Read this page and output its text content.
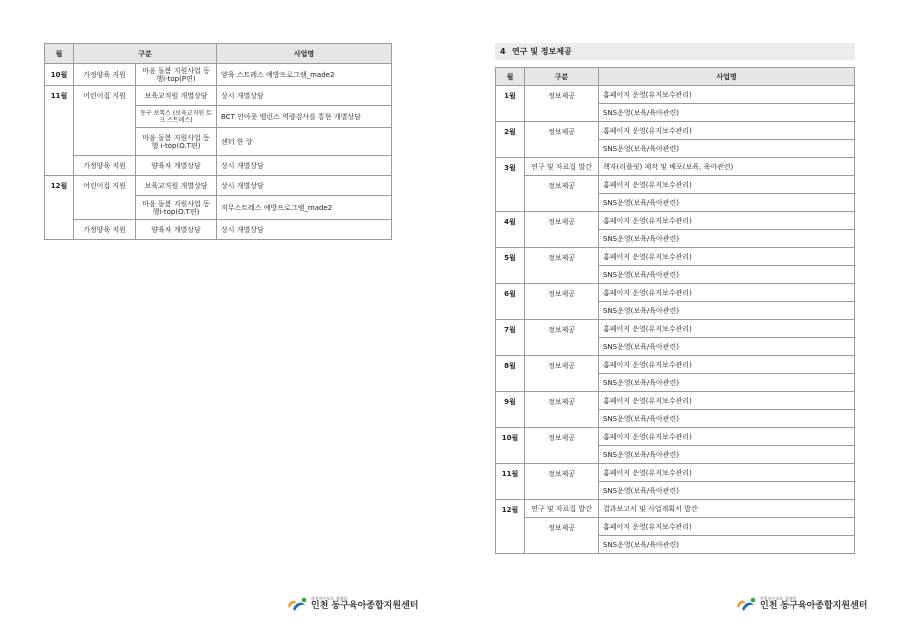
월	구분		사업명
10월	가정양육 지원	마음 돌봄 지원사업 동행i-top(P편)	양육 스트레스 예방프로그램_made2
11월	어린이집 지원	보육교직원 개별상담	상시 개별상담
		동구 보톡스 (보육교직원 토크 스트레스)	BCT 인아웃 밸런스 역량검사를 통한 개별상담
		마음 돌봄 지원사업 동행 i-top(O.T편)	센터 한 상
	가정양육 지원	양육자 개별상담	상시 개별상담
12월	어린이집 지원	보육교직원 개별상담	상시 개별상담
		마음 돌봄 지원사업 동행i-top(O.T편)	직무스트레스 예방프로그램_made2
	가정양육 지원	양육자 개별상담	상시 개별상담
4 연구 및 정보제공
월	구분	사업명
1월	정보제공	홈페이지 운영(유지보수관리)
		SNS운영(보육/육아관련)
2월	정보제공	홈페이지 운영(유지보수관리)
		SNS운영(보육/육아관련)
3월	연구 및 자료집 발간	책자(리플릿) 제작 및 배포(보육, 육아관련)
	정보제공	홈페이지 운영(유지보수관리)
		SNS운영(보육/육아관련)
4월	정보제공	홈페이지 운영(유지보수관리)
		SNS운영(보육/육아관련)
5월	정보제공	홈페이지 운영(유지보수관리)
		SNS운영(보육/육아관련)
6월	정보제공	홈페이지 운영(유지보수관리)
		SNS운영(보육/육아관련)
7월	정보제공	홈페이지 운영(유지보수관리)
		SNS운영(보육/육아관련)
8월	정보제공	홈페이지 운영(유지보수관리)
		SNS운영(보육/육아관련)
9월	정보제공	홈페이지 운영(유지보수관리)
		SNS운영(보육/육아관련)
10월	정보제공	홈페이지 운영(유지보수관리)
		SNS운영(보육/육아관련)
11월	정보제공	홈페이지 운영(유지보수관리)
		SNS운영(보육/육아관련)
12월	연구 및 자료집 발간	결과보고서 및 사업계획서 발간
	정보제공	홈페이지 운영(유지보수관리)
		SNS운영(보육/육아관련)
한빛마른보육 경영원
인천 동구육아종합지원센터
한빛마른보육 경영원
인천 동구육아종합지원센터
